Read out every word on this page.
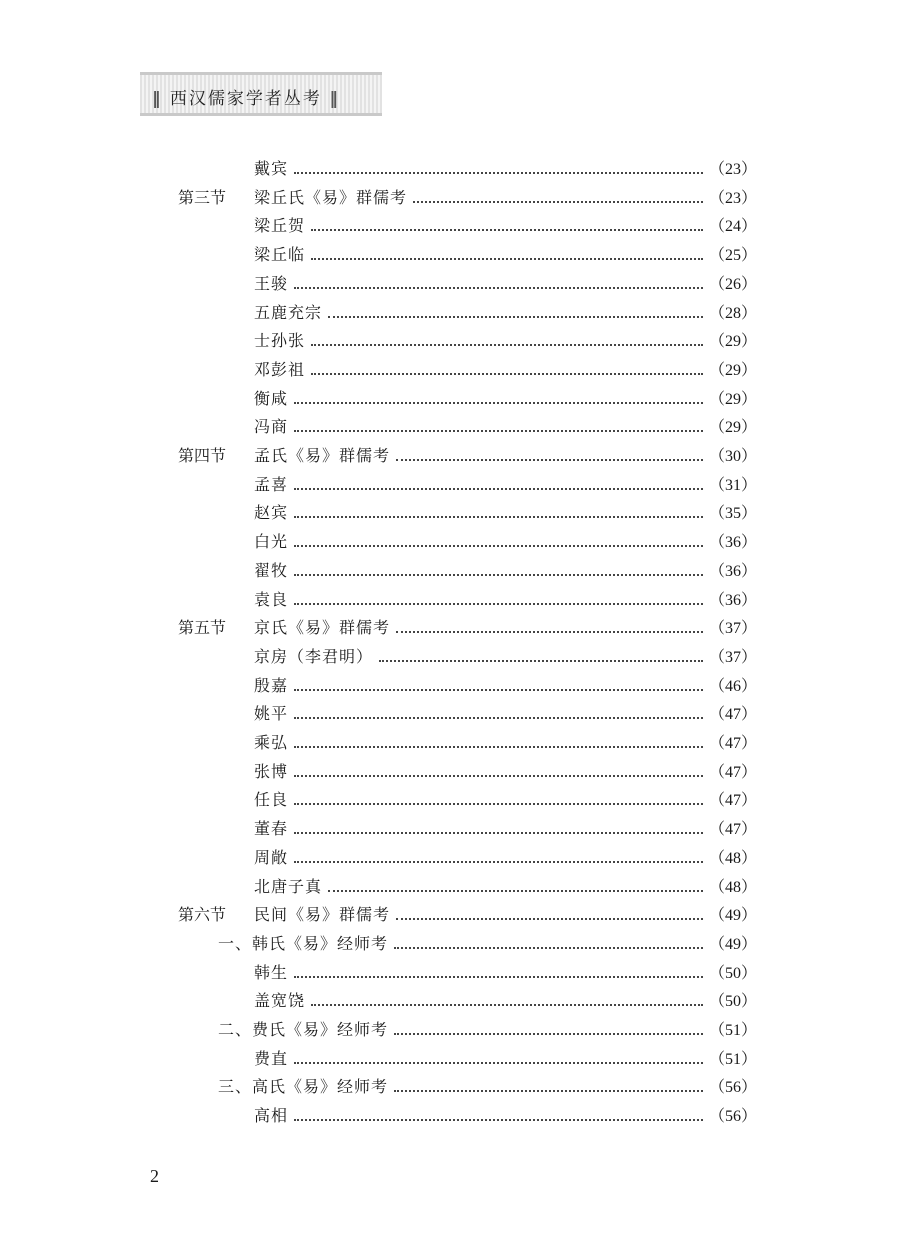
‖ 西汉儒家学者丛考 ‖
戴宾	（23）
第三节 梁丘氏《易》群儒考	（23）
梁丘贺	（24）
梁丘临	（25）
王骏	（26）
五鹿充宗	（28）
士孙张	（29）
邓彭祖	（29）
衡咸	（29）
冯商	（29）
第四节 孟氏《易》群儒考	（30）
孟喜	（31）
赵宾	（35）
白光	（36）
翟牧	（36）
袁良	（36）
第五节 京氏《易》群儒考	（37）
京房（李君明）	（37）
殷嘉	（46）
姚平	（47）
乘弘	（47）
张博	（47）
任良	（47）
董春	（47）
周敞	（48）
北唐子真	（48）
第六节 民间《易》群儒考	（49）
一、韩氏《易》经师考	（49）
韩生	（50）
盖宽饶	（50）
二、费氏《易》经师考	（51）
费直	（51）
三、高氏《易》经师考	（56）
高相	（56）
2
